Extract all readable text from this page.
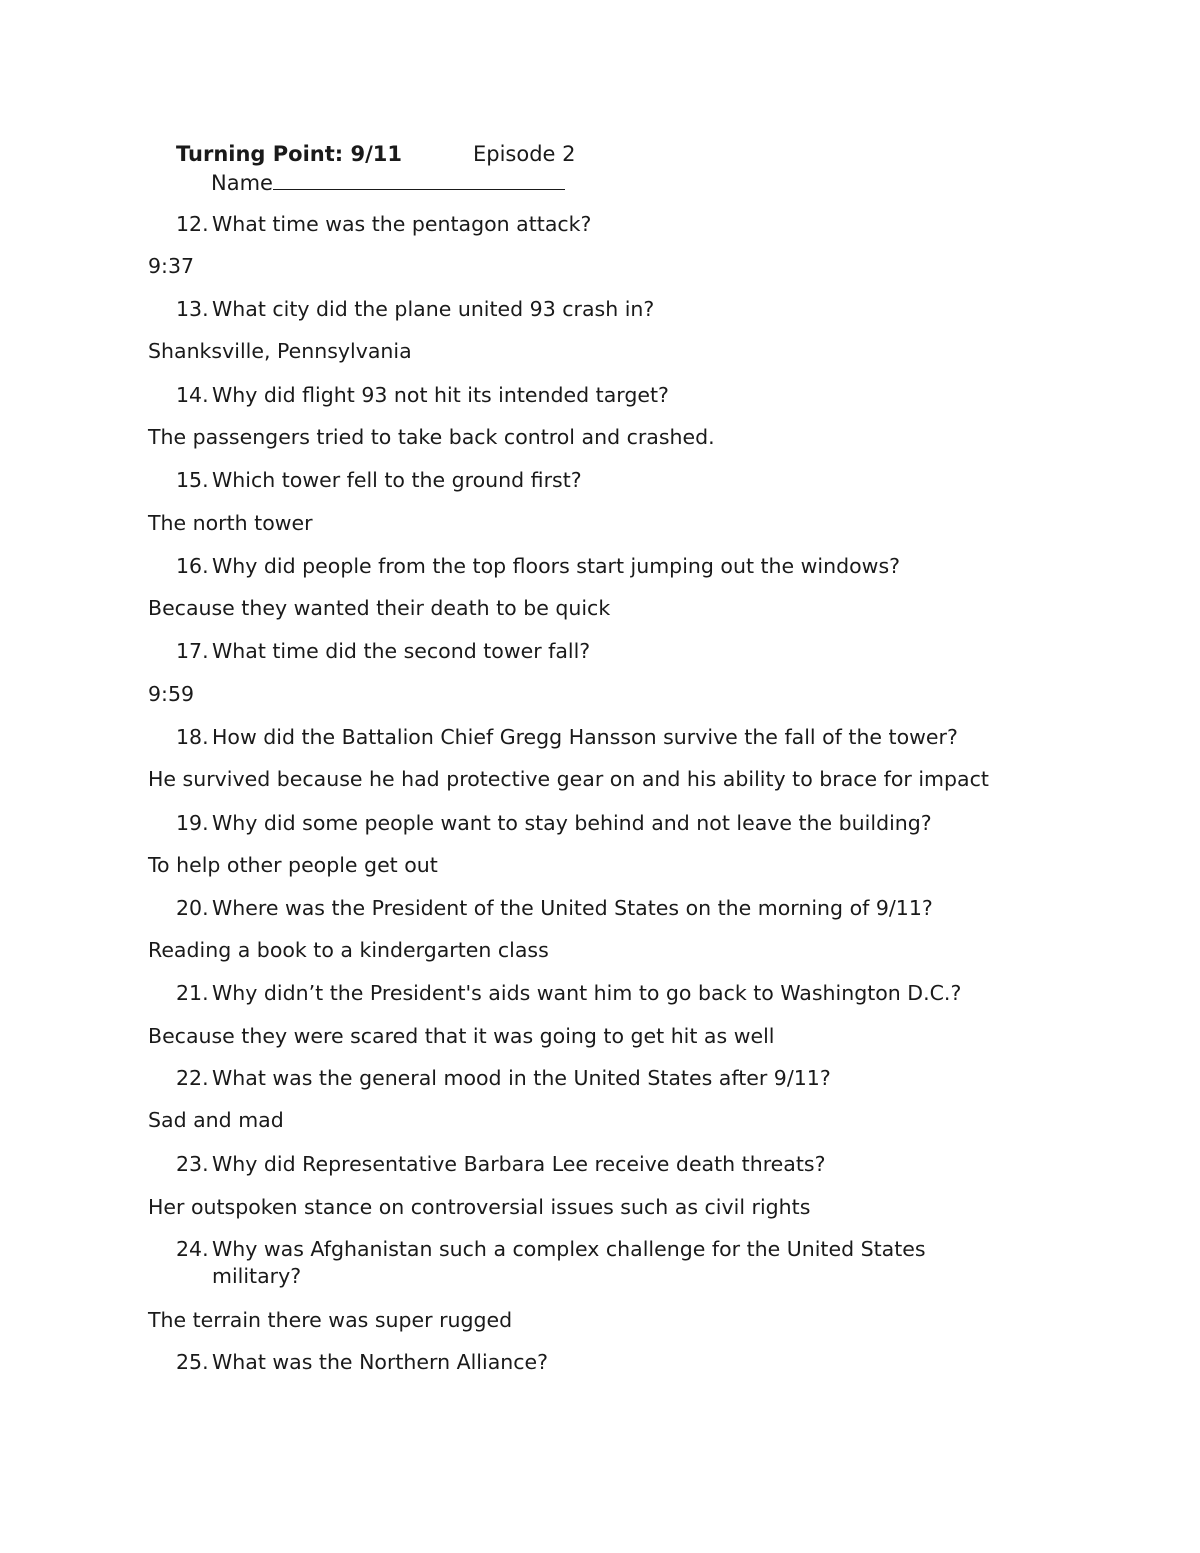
Turning Point: 9/11	Episode 2
Name
12. What time was the pentagon attack?
9:37
13. What city did the plane united 93 crash in?
Shanksville, Pennsylvania
14. Why did flight 93 not hit its intended target?
The passengers tried to take back control and crashed.
15. Which tower fell to the ground first?
The north tower
16. Why did people from the top floors start jumping out the windows?
Because they wanted their death to be quick
17. What time did the second tower fall?
9:59
18. How did the Battalion Chief Gregg Hansson survive the fall of the tower?
He survived because he had protective gear on and his ability to brace for impact
19. Why did some people want to stay behind and not leave the building?
To help other people get out
20. Where was the President of the United States on the morning of 9/11?
Reading a book to a kindergarten class
21. Why didn’t the President's aids want him to go back to Washington D.C.?
Because they were scared that it was going to get hit as well
22. What was the general mood in the United States after 9/11?
Sad and mad
23. Why did Representative Barbara Lee receive death threats?
Her outspoken stance on controversial issues such as civil rights
24. Why was Afghanistan such a complex challenge for the United States
military?
The terrain there was super rugged
25. What was the Northern Alliance?
